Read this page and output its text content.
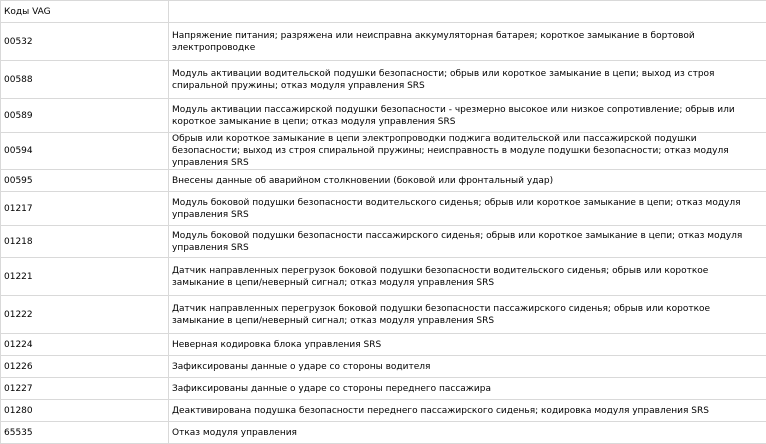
Коды VAG	
00532	Напряжение питания; разряжена или неисправна аккумуляторная батарея; короткое замыкание в бортовой электропроводке
00588	Модуль активации водительской подушки безопасности; обрыв или короткое замыкание в цепи; выход из строя спиральной пружины; отказ модуля управления SRS
00589	Модуль активации пассажирской подушки безопасности - чрезмерно высокое или низкое сопротивление; обрыв или короткое замыкание в цепи; отказ модуля управления SRS
00594	Обрыв или короткое замыкание в цепи электропроводки поджига водительской или пассажирской подушки безопасности; выход из строя спиральной пружины; неисправность в модуле подушки безопасности; отказ модуля управления SRS
00595	Внесены данные об аварийном столкновении (боковой или фронтальный удар)
01217	Модуль боковой подушки безопасности водительского сиденья; обрыв или короткое замыкание в цепи; отказ модуля управления SRS
01218	Модуль боковой подушки безопасности пассажирского сиденья; обрыв или короткое замыкание в цепи; отказ модуля управления SRS
01221	Датчик направленных перегрузок боковой подушки безопасности водительского сиденья; обрыв или короткое замыкание в цепи/неверный сигнал; отказ модуля управления SRS
01222	Датчик направленных перегрузок боковой подушки безопасности пассажирского сиденья; обрыв или короткое замыкание в цепи/неверный сигнал; отказ модуля управления SRS
01224	Неверная кодировка блока управления SRS
01226	Зафиксированы данные о ударе со стороны водителя
01227	Зафиксированы данные о ударе со стороны переднего пассажира
01280	Деактивирована подушка безопасности переднего пассажирского сиденья; кодировка модуля управления SRS
65535	Отказ модуля управления
